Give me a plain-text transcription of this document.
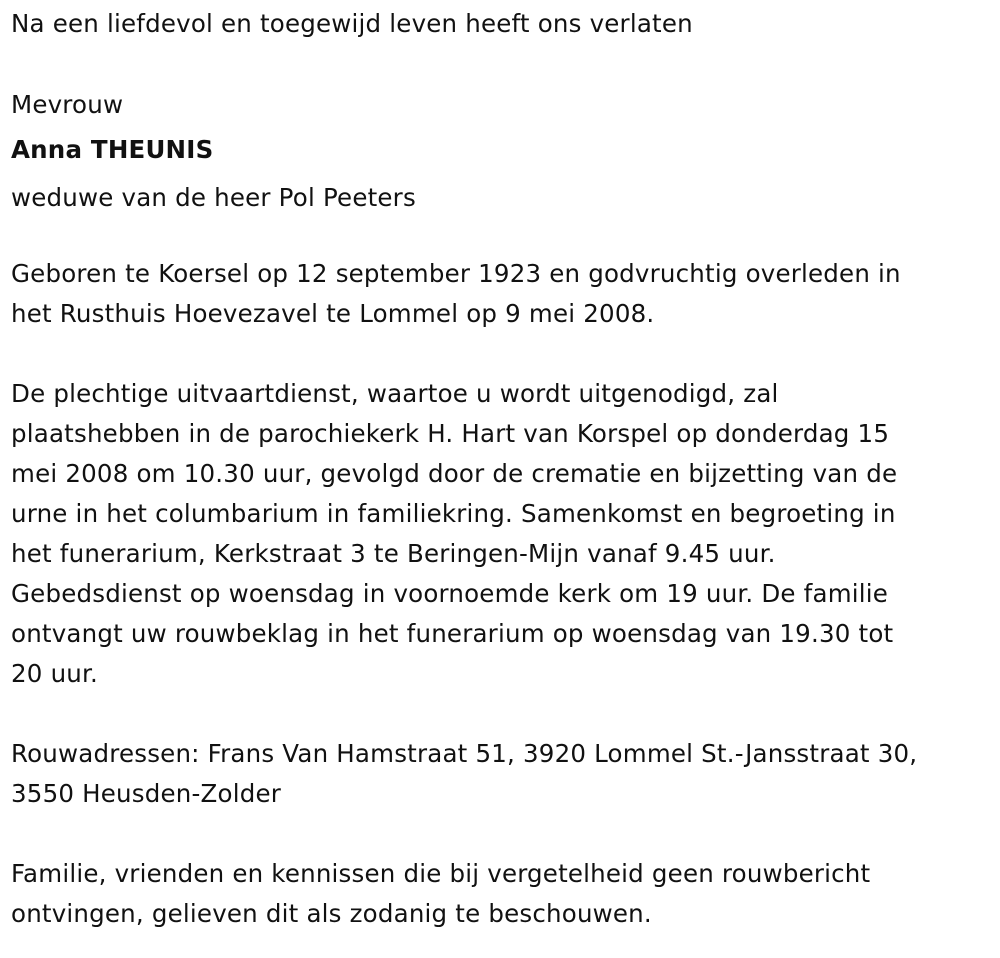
Na een liefdevol en toegewijd leven heeft ons verlaten

Mevrouw

Anna THEUNIS

weduwe van de heer Pol Peeters

Geboren te Koersel op 12 september 1923 en godvruchtig overleden in

het Rusthuis Hoevezavel te Lommel op 9 mei 2008.

De plechtige uitvaartdienst, waartoe u wordt uitgenodigd, zal

plaatshebben in de parochiekerk H. Hart van Korspel op donderdag 15

mei 2008 om 10.30 uur, gevolgd door de crematie en bijzetting van de

urne in het columbarium in familiekring. Samenkomst en begroeting in

het funerarium, Kerkstraat 3 te Beringen-Mijn vanaf 9.45 uur.

Gebedsdienst op woensdag in voornoemde kerk om 19 uur. De familie

ontvangt uw rouwbeklag in het funerarium op woensdag van 19.30 tot

20 uur.

Rouwadressen: Frans Van Hamstraat 51, 3920 Lommel St.-Jansstraat 30,

3550 Heusden-Zolder

Familie, vrienden en kennissen die bij vergetelheid geen rouwbericht

ontvingen, gelieven dit als zodanig te beschouwen.
